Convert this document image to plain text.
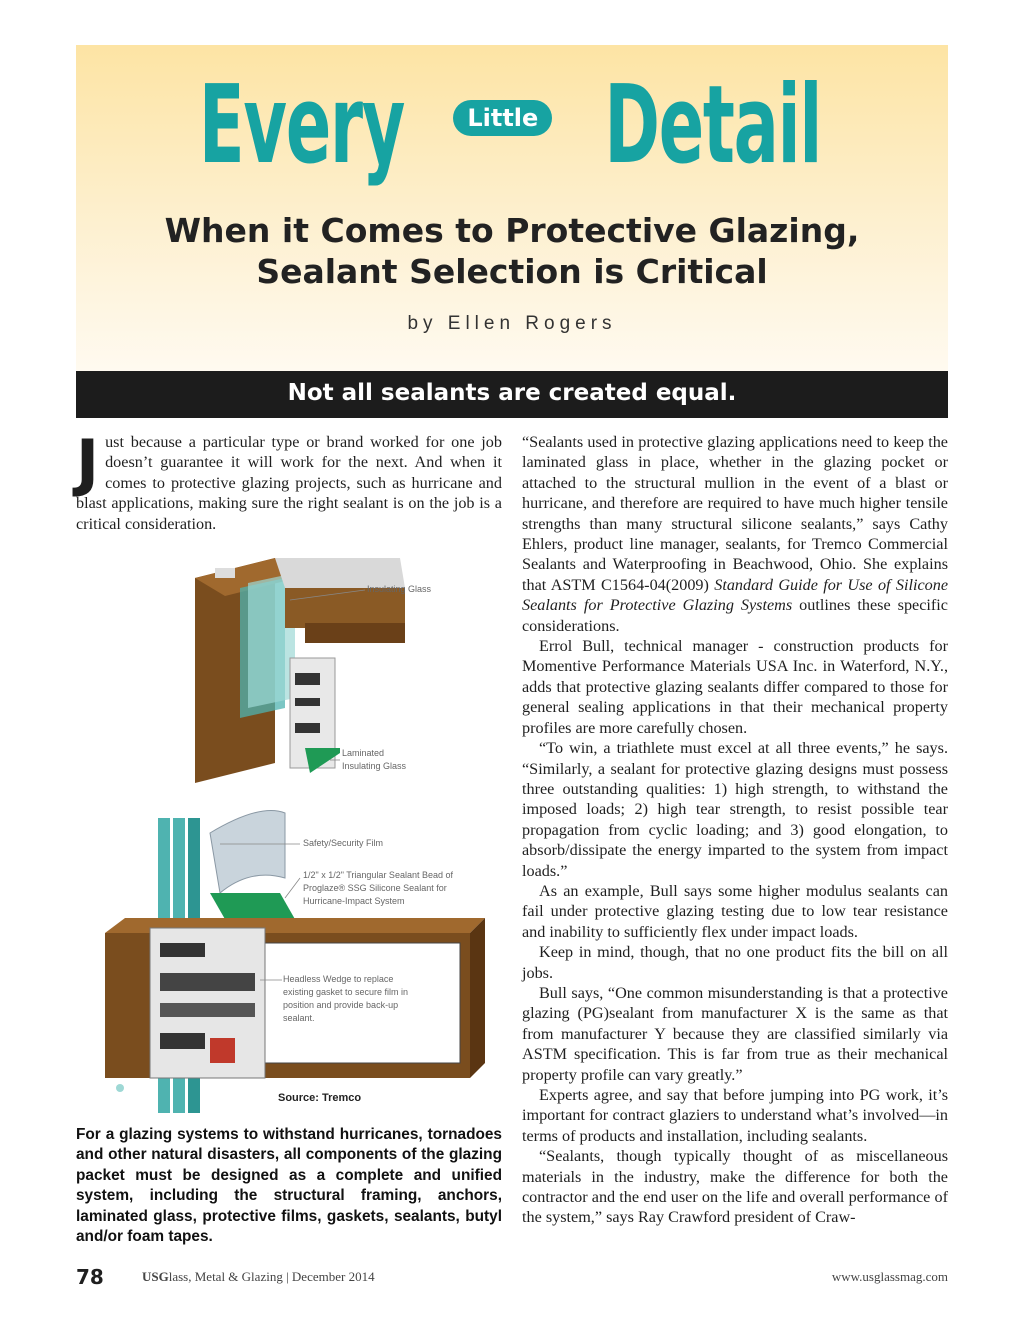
Every	Little Detail
When it Comes to Protective Glazing,
Sealant Selection is Critical
by Ellen Rogers
Not all sealants are created equal.

Just because a particular type or brand worked for one job doesn’t guarantee it will work for the next. And when it comes to protective glazing projects, such as hurricane and blast applications, making sure the right sealant is on the job is a critical consideration.

Insulating Glass
Laminated
Insulating Glass
Safety/Security Film
1/2" x 1/2" Triangular Sealant Bead of
Proglaze® SSG Silicone Sealant for
Hurricane-Impact System
Headless Wedge to replace
existing gasket to secure film in
position and provide back-up
sealant.
Source: Tremco
For a glazing systems to withstand hurricanes, tornadoes and other natural disasters, all components of the glazing packet must be designed as a complete and unified system, including the structural framing, anchors, laminated glass, protective films, gaskets, sealants, butyl and/or foam tapes.

“Sealants used in protective glazing applications need to keep the laminated glass in place, whether in the glazing pocket or attached to the structural mullion in the event of a blast or hurricane, and therefore are required to have much higher tensile strengths than many structural silicone sealants,” says Cathy Ehlers, product line manager, sealants, for Tremco Commercial Sealants and Waterproofing in Beachwood, Ohio. She explains that ASTM C1564-04(2009) Standard Guide for Use of Silicone Sealants for Protective Glazing Systems outlines these specific considerations.

Errol Bull, technical manager - construction products for Momentive Performance Materials USA Inc. in Waterford, N.Y., adds that protective glazing sealants differ compared to those for general sealing applications in that their mechanical property profiles are more carefully chosen.

“To win, a triathlete must excel at all three events,” he says. “Similarly, a sealant for protective glazing designs must possess three outstanding qualities: 1) high strength, to withstand the imposed loads; 2) high tear strength, to resist possible tear propagation from cyclic loading; and 3) good elongation, to absorb/dissipate the energy imparted to the system from impact loads.”

As an example, Bull says some higher modulus sealants can fail under protective glazing testing due to low tear resistance and inability to sufficiently flex under impact loads.

Keep in mind, though, that no one product fits the bill on all jobs.

Bull says, “One common misunderstanding is that a protective glazing (PG)sealant from manufacturer X is the same as that from manufacturer Y because they are classified similarly via ASTM specification. This is far from true as their mechanical property profile can vary greatly.”

Experts agree, and say that before jumping into PG work, it’s important for contract glaziers to understand what’s involved—in terms of products and installation, including sealants.

“Sealants, though typically thought of as miscellaneous materials in the industry, make the difference for both the contractor and the end user on the life and overall performance of the system,” says Ray Crawford president of Craw-

78	USGlass, Metal & Glazing | December 2014	www.usglassmag.com
